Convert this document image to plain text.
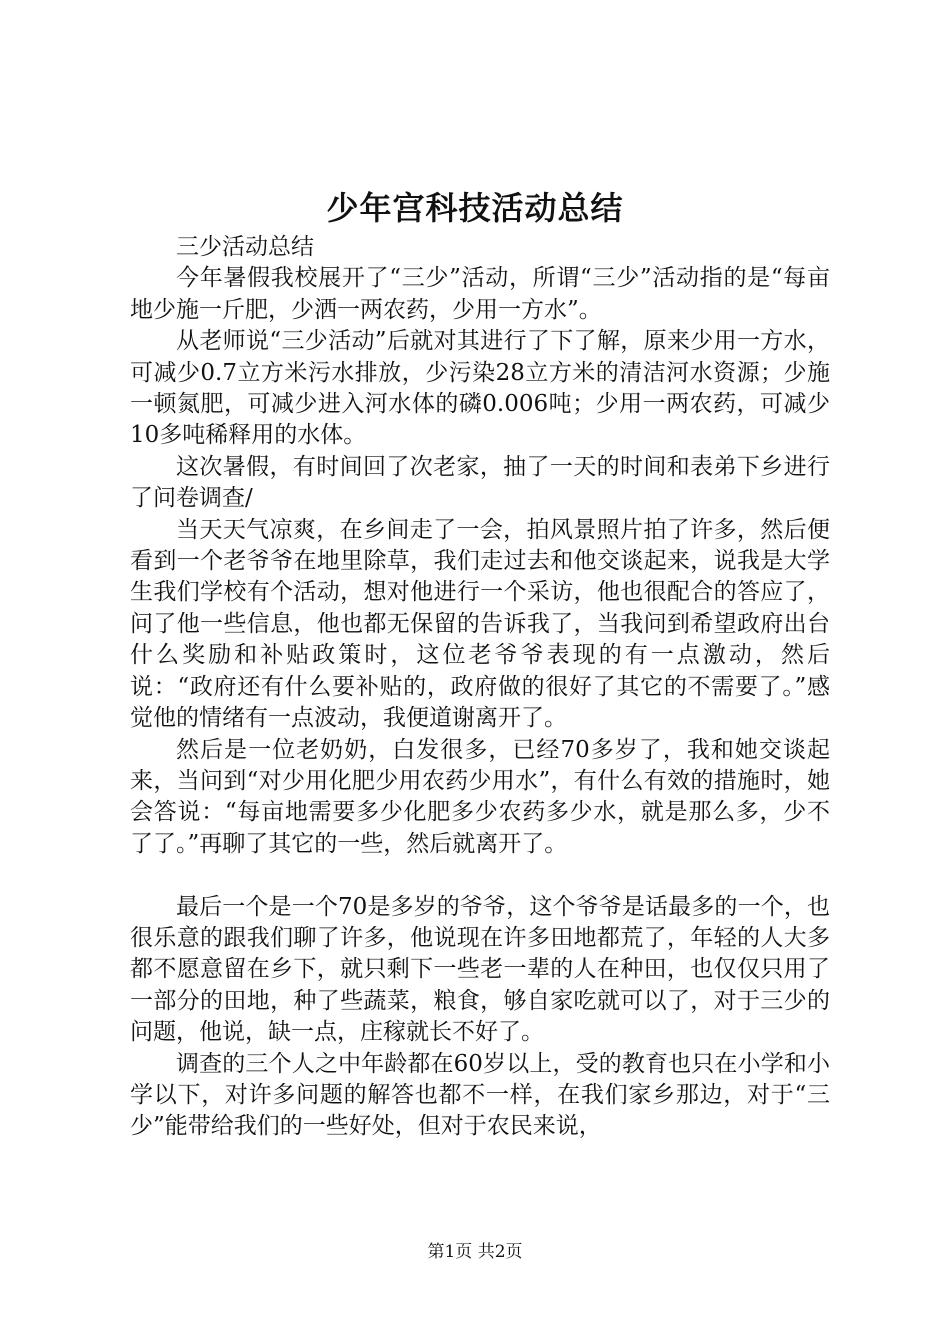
少年宫科技活动总结

三少活动总结

今年暑假我校展开了“三少”活动，所谓“三少”活动指的是“每亩地少施一斤肥，少洒一两农药，少用一方水”。

从老师说“三少活动”后就对其进行了下了解，原来少用一方水，可减少0.7立方米污水排放，少污染28立方米的清洁河水资源；少施一顿氮肥，可减少进入河水体的磷0.006吨；少用一两农药，可减少10多吨稀释用的水体。

这次暑假，有时间回了次老家，抽了一天的时间和表弟下乡进行了问卷调查/

当天天气凉爽，在乡间走了一会，拍风景照片拍了许多，然后便看到一个老爷爷在地里除草，我们走过去和他交谈起来，说我是大学生我们学校有个活动，想对他进行一个采访，他也很配合的答应了，问了他一些信息，他也都无保留的告诉我了，当我问到希望政府出台什么奖励和补贴政策时，这位老爷爷表现的有一点激动，然后说：“政府还有什么要补贴的，政府做的很好了其它的不需要了。”感觉他的情绪有一点波动，我便道谢离开了。

然后是一位老奶奶，白发很多，已经70多岁了，我和她交谈起来，当问到“对少用化肥少用农药少用水”，有什么有效的措施时，她会答说：“每亩地需要多少化肥多少农药多少水，就是那么多，少不了了。”再聊了其它的一些，然后就离开了。

最后一个是一个70是多岁的爷爷，这个爷爷是话最多的一个，也很乐意的跟我们聊了许多，他说现在许多田地都荒了，年轻的人大多都不愿意留在乡下，就只剩下一些老一辈的人在种田，也仅仅只用了一部分的田地，种了些蔬菜，粮食，够自家吃就可以了，对于三少的问题，他说，缺一点，庄稼就长不好了。

调查的三个人之中年龄都在60岁以上，受的教育也只在小学和小学以下，对许多问题的解答也都不一样，在我们家乡那边，对于“三少”能带给我们的一些好处，但对于农民来说，

第1页 共2页
